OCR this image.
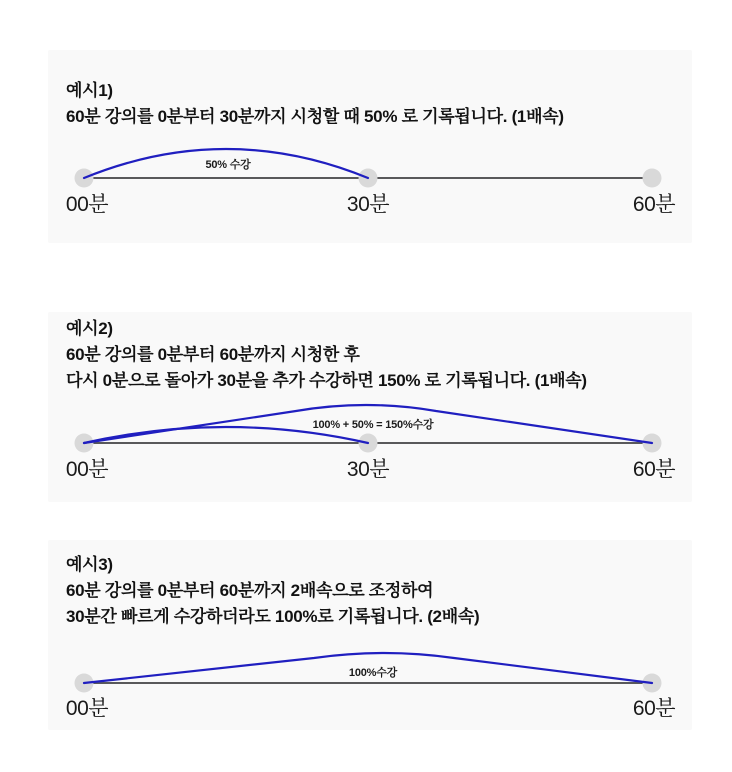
예시1)
60분 강의를 0분부터 30분까지 시청할 때 50% 로 기록됩니다. (1배속)
50% 수강
00분	30분	60분
예시2)
60분 강의를 0분부터 60분까지 시청한 후
다시 0분으로 돌아가 30분을 추가 수강하면 150% 로 기록됩니다. (1배속)
100% + 50% = 150%수강
00분	30분	60분
예시3)
60분 강의를 0분부터 60분까지 2배속으로 조정하여
30분간 빠르게 수강하더라도 100%로 기록됩니다. (2배속)
100%수강
00분	60분
